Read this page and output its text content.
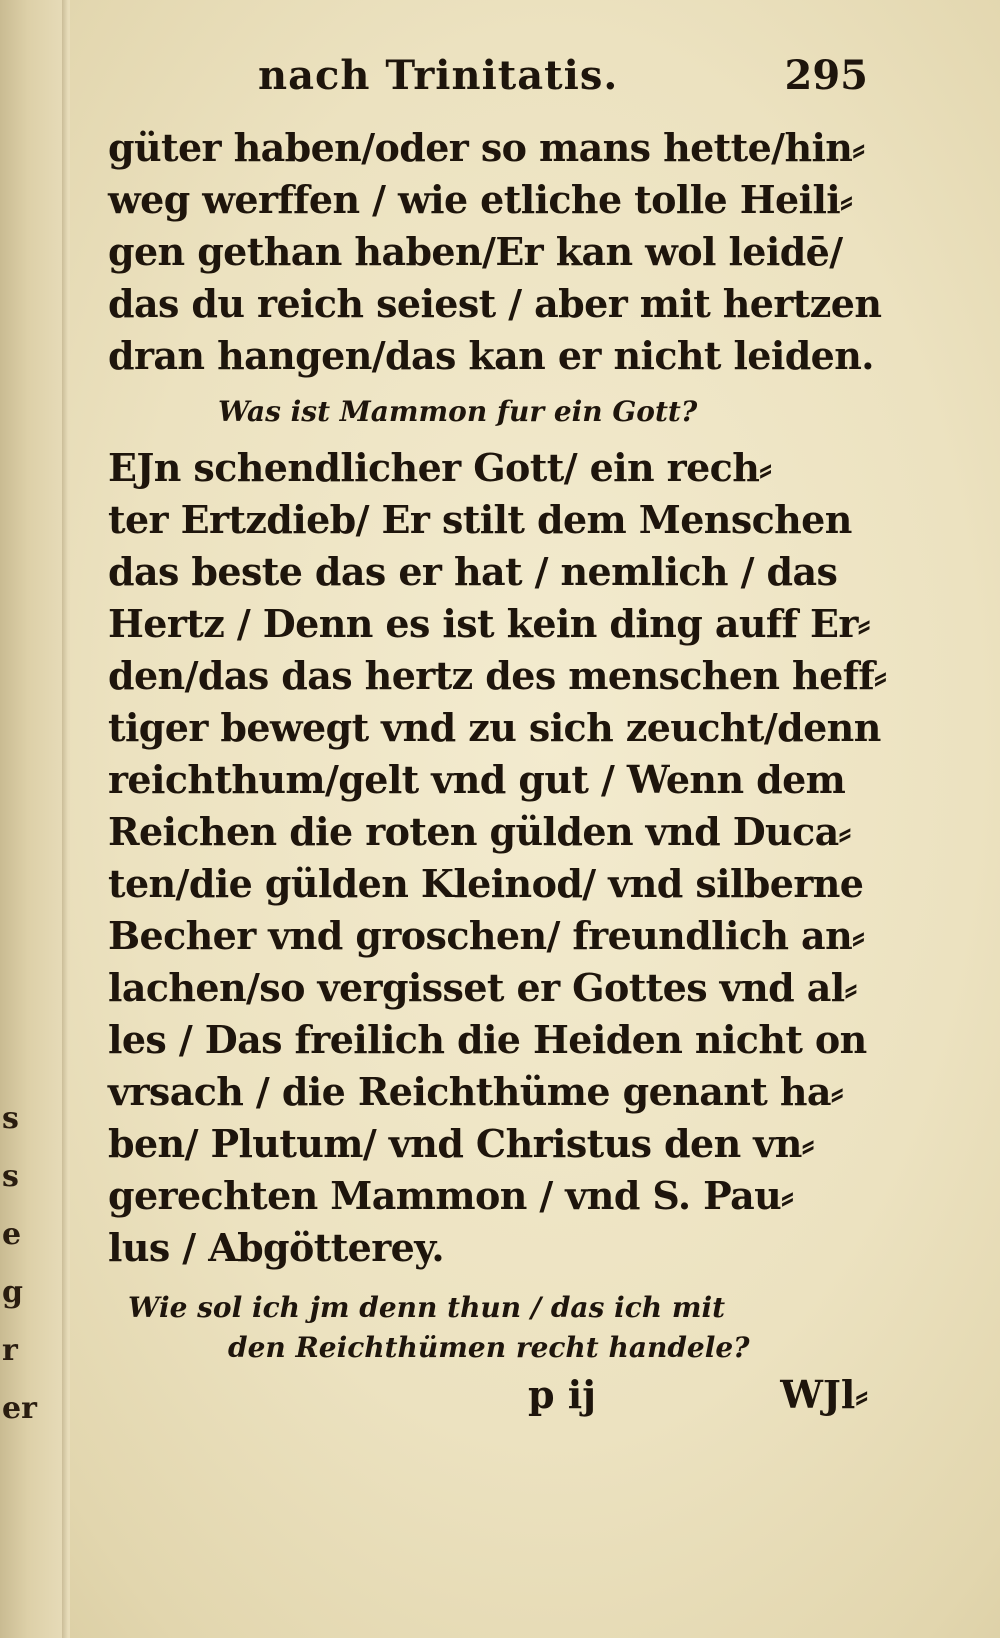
s
s
e
g
r
er
nach Trinitatis.	295
güter haben/oder so mans hette/hin⸗
weg werffen / wie etliche tolle Heili⸗
gen gethan haben/Er kan wol leidē/
das du reich seiest / aber mit hertzen
dran hangen/das kan er nicht leiden.
Was ist Mammon fur ein Gott?
EJn schendlicher Gott/ ein rech⸗
ter Ertzdieb/ Er stilt dem Menschen
das beste das er hat / nemlich / das
Hertz / Denn es ist kein ding auff Er⸗
den/das das hertz des menschen heff⸗
tiger bewegt vnd zu sich zeucht/denn
reichthum/gelt vnd gut / Wenn dem
Reichen die roten gülden vnd Duca⸗
ten/die gülden Kleinod/ vnd silberne
Becher vnd groschen/ freundlich an⸗
lachen/so vergisset er Gottes vnd al⸗
les / Das freilich die Heiden nicht on
vrsach / die Reichthüme genant ha⸗
ben/ Plutum/ vnd Christus den vn⸗
gerechten Mammon / vnd S. Pau⸗
lus / Abgötterey.
Wie sol ich jm denn thun / das ich mit
den Reichthümen recht handele?
p ij	WJl⸗
